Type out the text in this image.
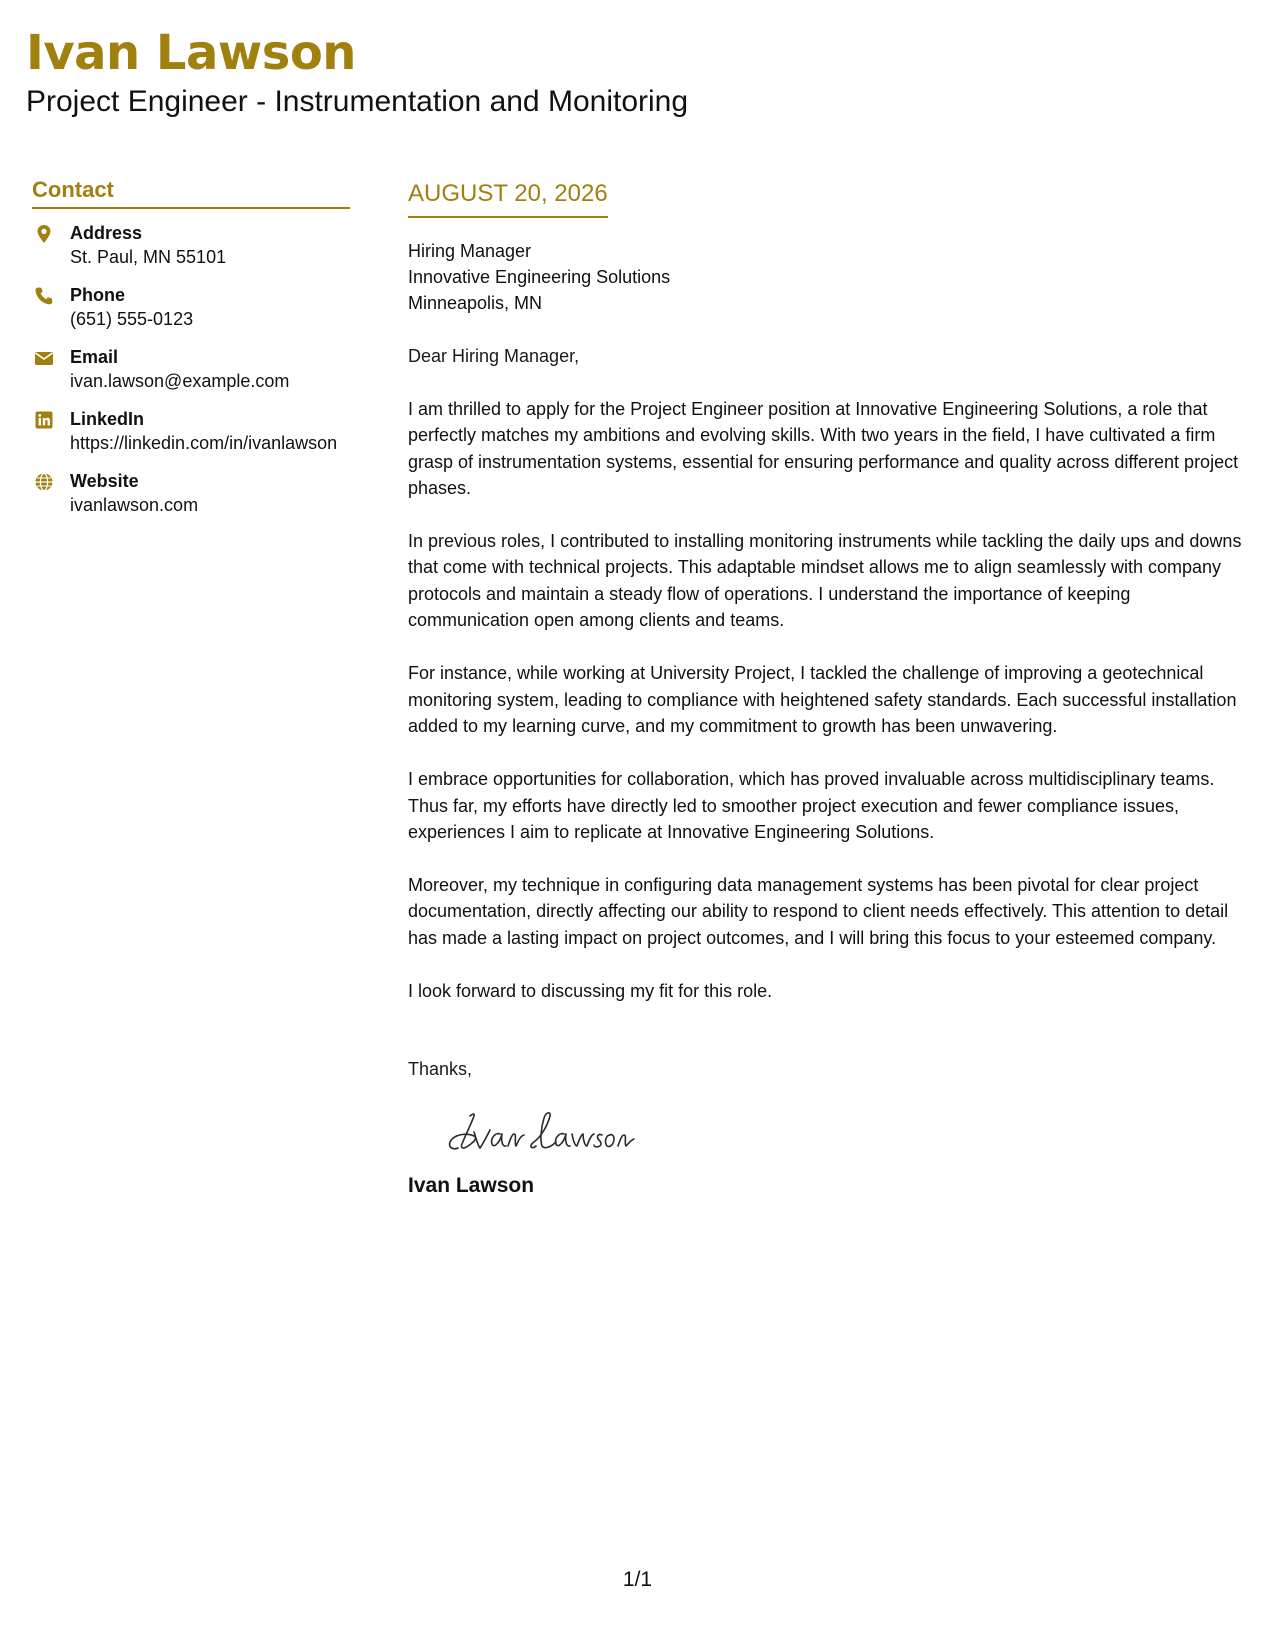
Ivan Lawson
Project Engineer - Instrumentation and Monitoring
Contact
Address
St. Paul, MN 55101
Phone
(651) 555-0123
Email
ivan.lawson@example.com
LinkedIn
https://linkedin.com/in/ivanlawson
Website
ivanlawson.com
AUGUST 20, 2026
Hiring Manager
Innovative Engineering Solutions
Minneapolis, MN
Dear Hiring Manager,

I am thrilled to apply for the Project Engineer position at Innovative Engineering Solutions, a role that perfectly matches my ambitions and evolving skills. With two years in the field, I have cultivated a firm grasp of instrumentation systems, essential for ensuring performance and quality across different project phases.

In previous roles, I contributed to installing monitoring instruments while tackling the daily ups and downs that come with technical projects. This adaptable mindset allows me to align seamlessly with company protocols and maintain a steady flow of operations. I understand the importance of keeping communication open among clients and teams.

For instance, while working at University Project, I tackled the challenge of improving a geotechnical monitoring system, leading to compliance with heightened safety standards. Each successful installation added to my learning curve, and my commitment to growth has been unwavering.

I embrace opportunities for collaboration, which has proved invaluable across multidisciplinary teams. Thus far, my efforts have directly led to smoother project execution and fewer compliance issues, experiences I aim to replicate at Innovative Engineering Solutions.

Moreover, my technique in configuring data management systems has been pivotal for clear project documentation, directly affecting our ability to respond to client needs effectively. This attention to detail has made a lasting impact on project outcomes, and I will bring this focus to your esteemed company.

I look forward to discussing my fit for this role.

Thanks,
Ivan Lawson
1/1
